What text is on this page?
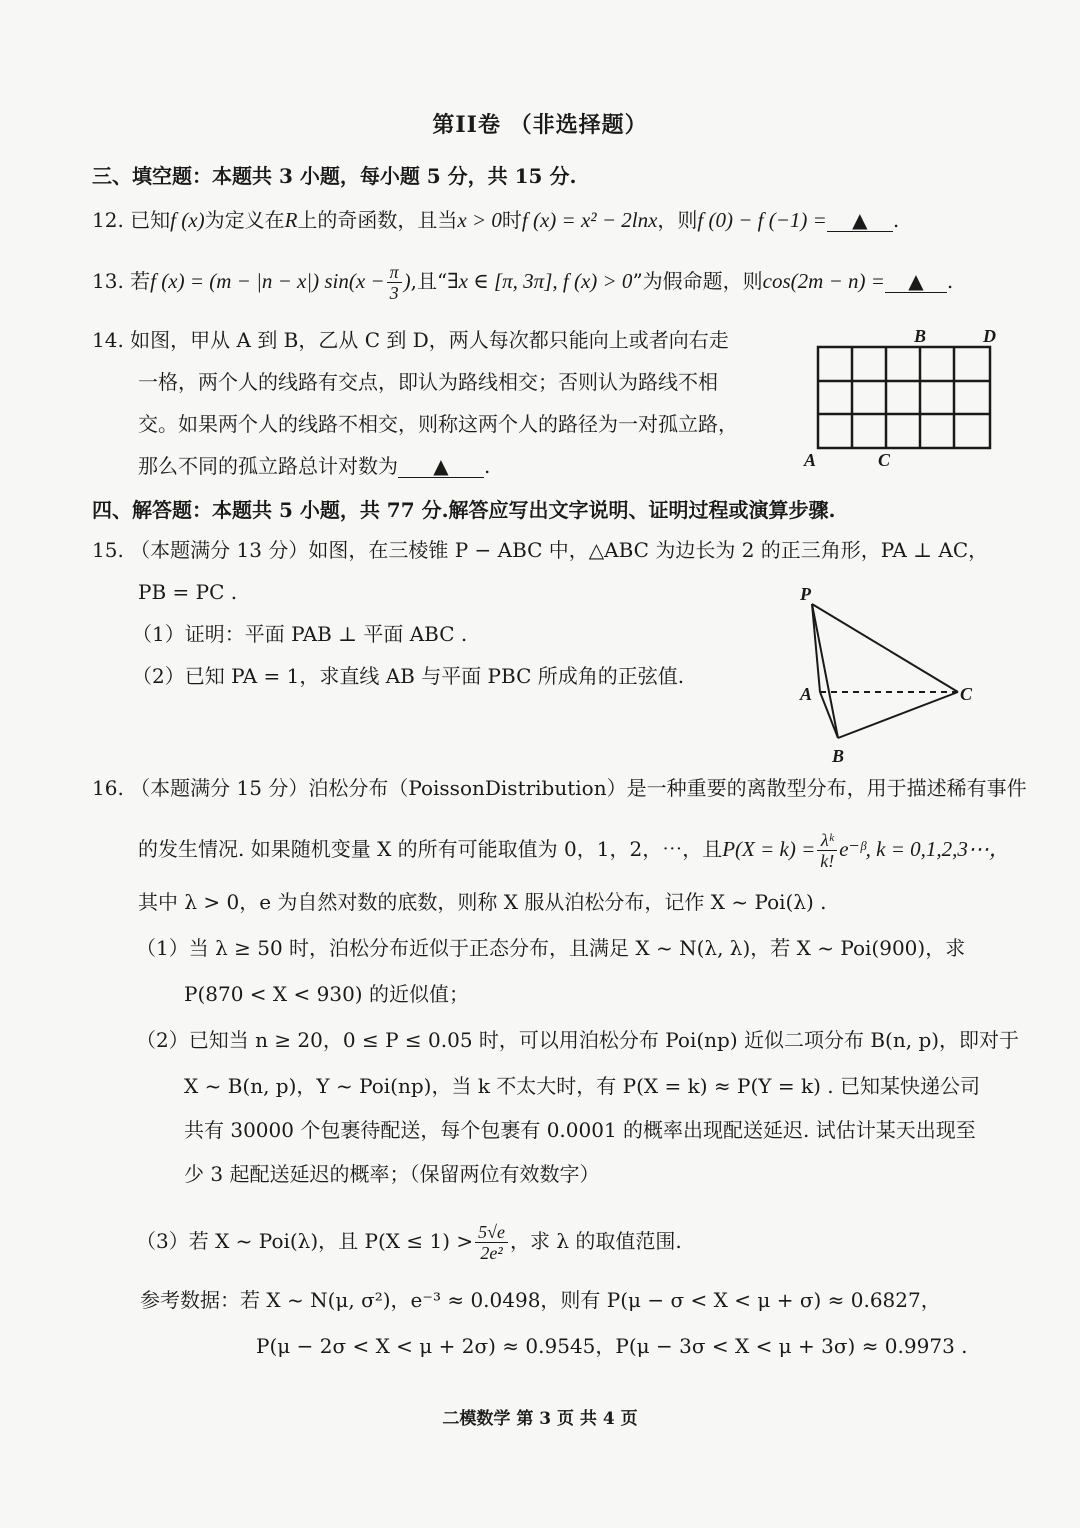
第II卷 （非选择题）
三、填空题：本题共 3 小题，每小题 5 分，共 15 分.
12. 已知f (x)为定义在R上的奇函数，且当x > 0时f (x) = x² − 2lnx，则f (0) − f (−1) = ▲ .
13. 若f (x) = (m − |n − x|) $\sin(x - \frac{\pi}{3}$ ),且“∃x ∈ [π, 3π], f (x) > 0”为假命题，则cos(2m − n) = ▲ .
14. 如图，甲从 A 到 B，乙从 C 到 D，两人每次都只能向上或者向右走
一格，两个人的线路有交点，即认为路线相交；否则认为路线不相
交。如果两个人的线路不相交，则称这两个人的路径为一对孤立路，
那么不同的孤立路总计对数为 ▲ .
B	D
A	C
四、解答题：本题共 5 小题，共 77 分.解答应写出文字说明、证明过程或演算步骤.
15. （本题满分 13 分）如图，在三棱锥 P − ABC 中，△ABC 为边长为 2 的正三角形，PA ⊥ AC，
PB = PC .
（1）证明：平面 PAB ⊥ 平面 ABC .
（2）已知 PA = 1，求直线 AB 与平面 PBC 所成角的正弦值.
P
A
B
C
16. （本题满分 15 分）泊松分布（PoissonDistribution）是一种重要的离散型分布，用于描述稀有事件
的发生情况. 如果随机变量 X 的所有可能取值为 0，1，2，⋯，且$P(X = k) = \frac{\text{λᵏ}}{k!}$ e⁻ᵝ, k = 0,1,2,3⋯，
其中 λ > 0，e 为自然对数的底数，则称 X 服从泊松分布，记作 X ~ Poi(λ) .
（1）当 λ ≥ 50 时，泊松分布近似于正态分布，且满足 X ~ N(λ, λ)，若 X ~ Poi(900)，求
P(870 < X < 930) 的近似值；
（2）已知当 n ≥ 20，0 ≤ P ≤ 0.05 时，可以用泊松分布 Poi(np) 近似二项分布 B(n, p)，即对于
X ~ B(n, p)，Y ~ Poi(np)，当 k 不太大时，有 P(X = k) ≈ P(Y = k) . 已知某快递公司
共有 30000 个包裹待配送，每个包裹有 0.0001 的概率出现配送延迟. 试估计某天出现至
少 3 起配送延迟的概率；（保留两位有效数字）
（3）若 X ~ Poi(λ)，且 $P(X \le 1) > \frac{5√e}{\text{2e²}}$ ，求 λ 的取值范围.
参考数据：若 X ~ N(μ, σ²)，e⁻³ ≈ 0.0498，则有 P(μ − σ < X < μ + σ) ≈ 0.6827，
P(μ − 2σ < X < μ + 2σ) ≈ 0.9545，P(μ − 3σ < X < μ + 3σ) ≈ 0.9973 .
二模数学 第 3 页 共 4 页
